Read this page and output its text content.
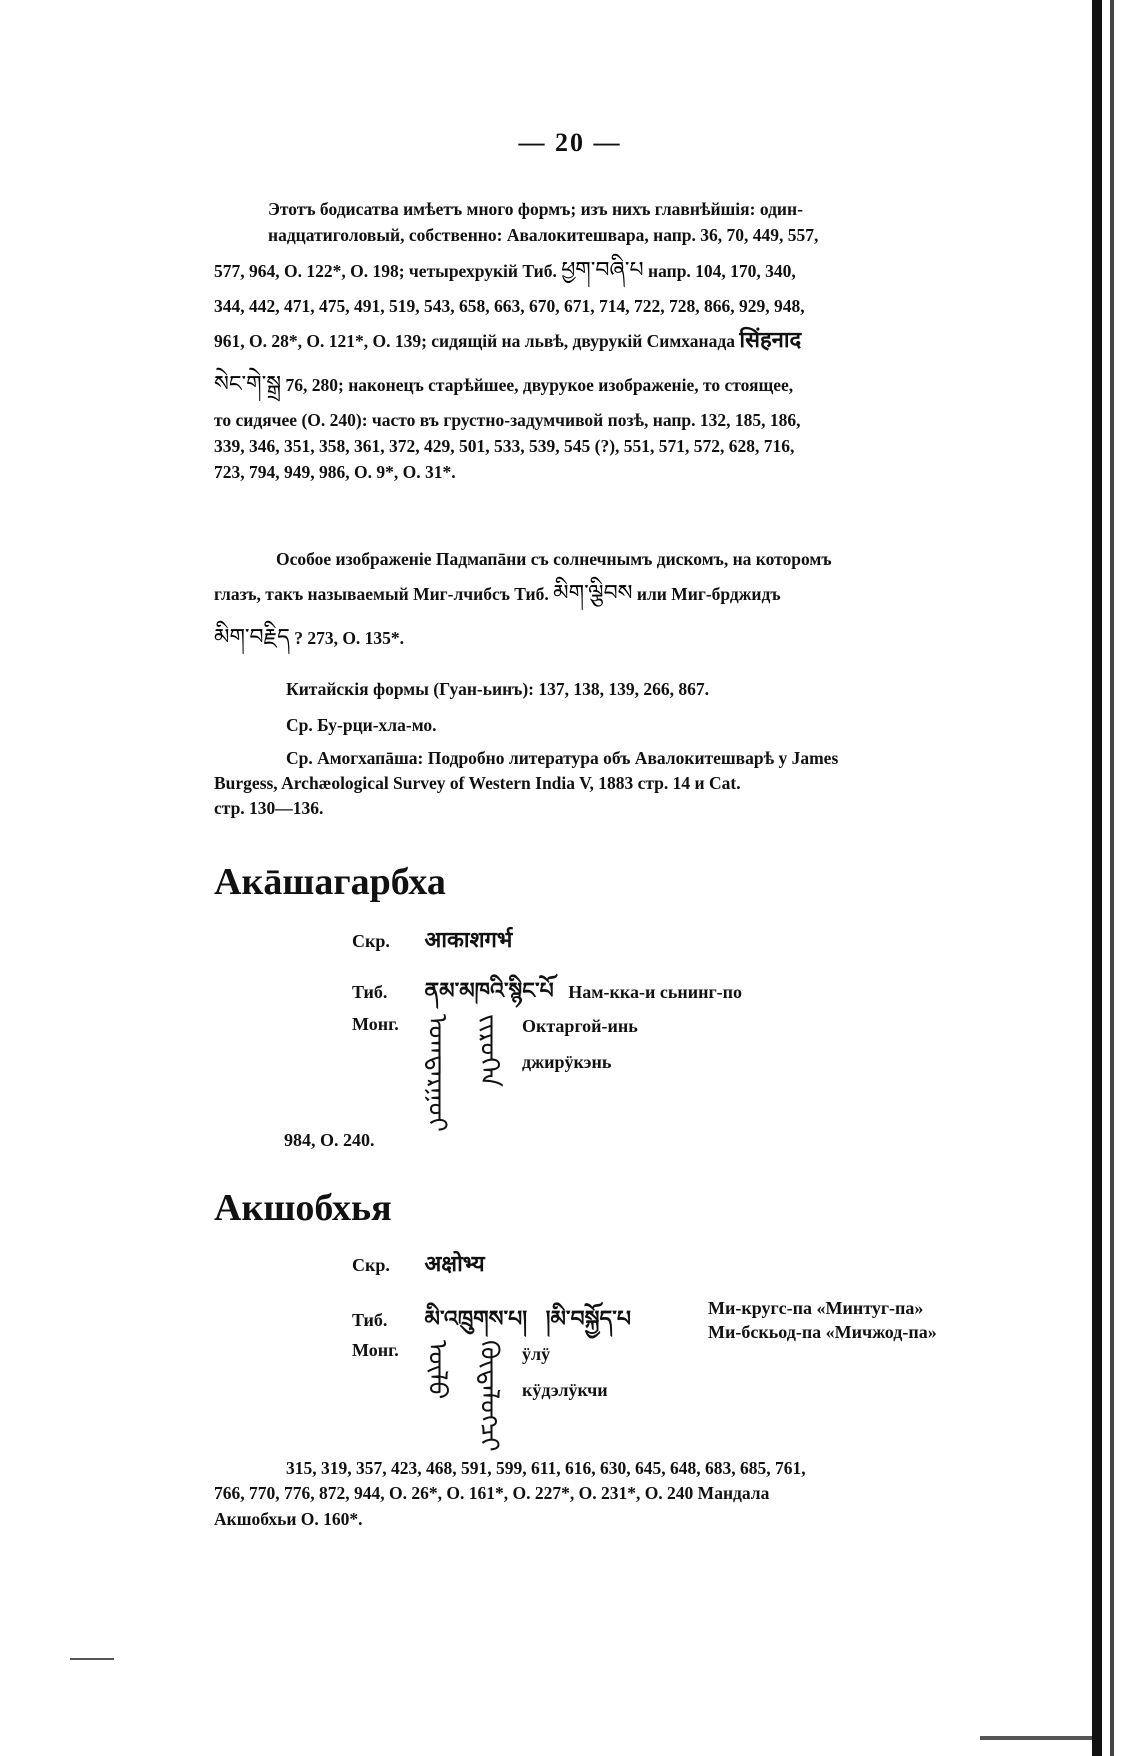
— 20 —
Этотъ бодисатва имѣетъ много формъ; изъ нихъ главнѣйшія: один-
надцатиголовый, собственно: Авалокитешвара, напр. 36, 70, 449, 557,
577, 964, О. 122*, О. 198; четырехрукій Тиб. ཕྱག་བཞི་པ напр. 104, 170, 340,
344, 442, 471, 475, 491, 519, 543, 658, 663, 670, 671, 714, 722, 728, 866, 929, 948,
961, О. 28*, О. 121*, О. 139; сидящій на львѣ, двурукій Симханада सिंहनाद
སེང་གེ་སྒྲ 76, 280; наконецъ старѣйшее, двурукое изображеніе, то стоящее,
то сидячее (О. 240): часто въ грустно-задумчивой позѣ, напр. 132, 185, 186,
339, 346, 351, 358, 361, 372, 429, 501, 533, 539, 545 (?), 551, 571, 572, 628, 716,
723, 794, 949, 986, О. 9*, О. 31*.
Особое изображеніе Падмапāни съ солнечнымъ дискомъ, на которомъ
глазъ, такъ называемый Миг-лчибсъ Тиб. མིག་ལྕིབས или Миг-брджидъ
མིག་བརྗིད ? 273, О. 135*.
Китайскія формы (Гуан-ьинъ): 137, 138, 139, 266, 867.
Ср. Бу-рци-хла-мо.
Ср. Амогхапāша: Подробно литература объ Авалокитешварѣ у James
Burgess, Archæological Survey of Western India V, 1883 стр. 14 и Cat.
стр. 130—136.
Акāшагарбха
Скр. आकाशगर्भ
Тиб. ནམ་མཁའི་སྙིང་པོ Нам-кка-и сьнинг-по
Монг. ᠣᠭᠲᠠᠷᠭᠤᠢ ᠵᠢᠷᠦᠬᠡᠨ Октаргой-инь
джирӱкэнь
984, О. 240.
Акшобхья
Скр. अक्षोभ्य
Тиб. མི་འཁྲུགས་པ། །མི་བསྐྱོད་པ	Ми-кругс-па «Минтуг-па»
Ми-бскьод-па «Мичжод-па»
Монг. ᠦᠯᠦ ᠬᠥᠳᠡᠯᠦᠭᠴᠢ ӱлӱ
кӱдэлӱкчи
315, 319, 357, 423, 468, 591, 599, 611, 616, 630, 645, 648, 683, 685, 761,
766, 770, 776, 872, 944, О. 26*, О. 161*, О. 227*, О. 231*, О. 240 Мандала
Акшобхьи О. 160*.
